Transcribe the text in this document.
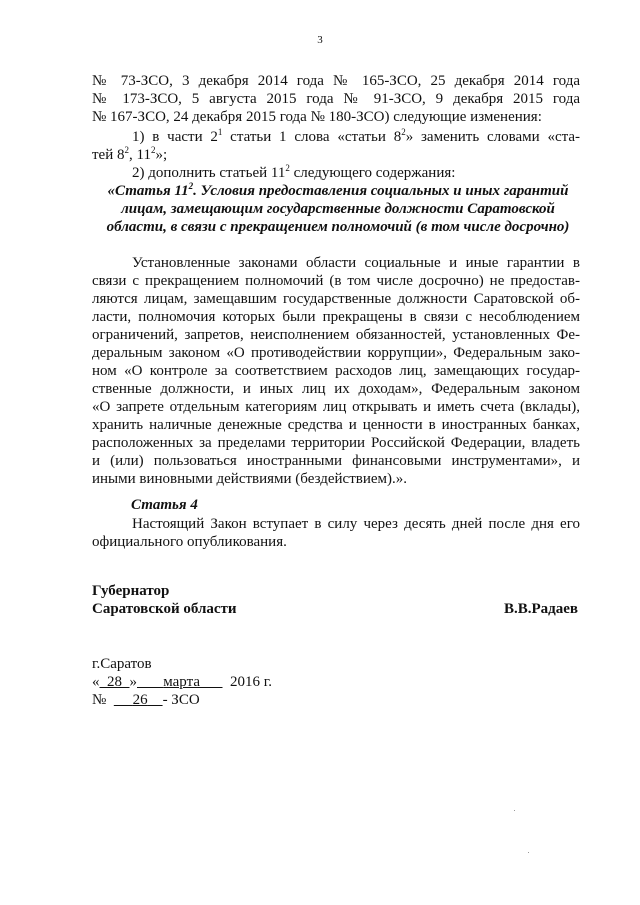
3
№ 73-ЗСО, 3 декабря 2014 года № 165-ЗСО, 25 декабря 2014 года
№ 173-ЗСО, 5 августа 2015 года № 91-ЗСО, 9 декабря 2015 года
№ 167-ЗСО, 24 декабря 2015 года № 180-ЗСО) следующие изменения:
1) в части $2^1$ статьи 1 слова «статьи $8^2$» заменить словами «ста-
тей $8^2$, $11^2$»;
2) дополнить статьей $11^2$ следующего содержания:
«Статья $11^2$. Условия предоставления социальных и иных гарантий
лицам, замещающим государственные должности Саратовской
области, в связи с прекращением полномочий (в том числе досрочно)
Установленные законами области социальные и иные гарантии в
связи с прекращением полномочий (в том числе досрочно) не предостав-
ляются лицам, замещавшим государственные должности Саратовской об-
ласти, полномочия которых были прекращены в связи с несоблюдением
ограничений, запретов, неисполнением обязанностей, установленных Фе-
деральным законом «О противодействии коррупции», Федеральным зако-
ном «О контроле за соответствием расходов лиц, замещающих государ-
ственные должности, и иных лиц их доходам», Федеральным законом
«О запрете отдельным категориям лиц открывать и иметь счета (вклады),
хранить наличные денежные средства и ценности в иностранных банках,
расположенных за пределами территории Российской Федерации, владеть
и (или) пользоваться иностранными финансовыми инструментами», и
иными виновными действиями (бездействием).».
Статья 4
Настоящий Закон вступает в силу через десять дней после дня его
официального опубликования.
Губернатор
Саратовской области	В.В.Радаев
г.Саратов
« 28 » марта 2016 г.
№ 26 - ЗСО
